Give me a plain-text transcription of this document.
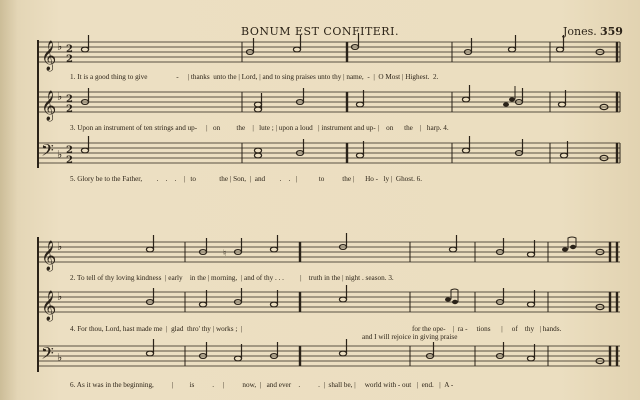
BONUM EST CONFITERI.	Jones. 359
𝄞
𝄞
𝄢
𝄞
𝄞
𝄢
♭
♭
♭
♭
♭
♭
2
2
2
2
2
2
♮
1. It is a good thing to give	- | thanks unto the | Lord, | and to sing praises unto thy | name, - | O Most | Highest. 2.
3. Upon an instrument of ten strings and up- | on the | lute ; | upon a loud | instrument and up- | on the | harp. 4.
5. Glory be to the Father, . . . | to	the | Son, | and . . |	to the | Ho - ly | Ghost. 6.
2. To tell of thy loving kindness | early in the | morning, | and of thy . . . | truth in the | night . season. 3.
4. For thou, Lord, hast made me | glad thro' thy | works ; |
and I will rejoice in giving praise
for the ope- | ra - tions | of thy | hands.
6. As it was in the beginning, | is . | now, | and ever . . | shall be, | world with - out | end. | A -
